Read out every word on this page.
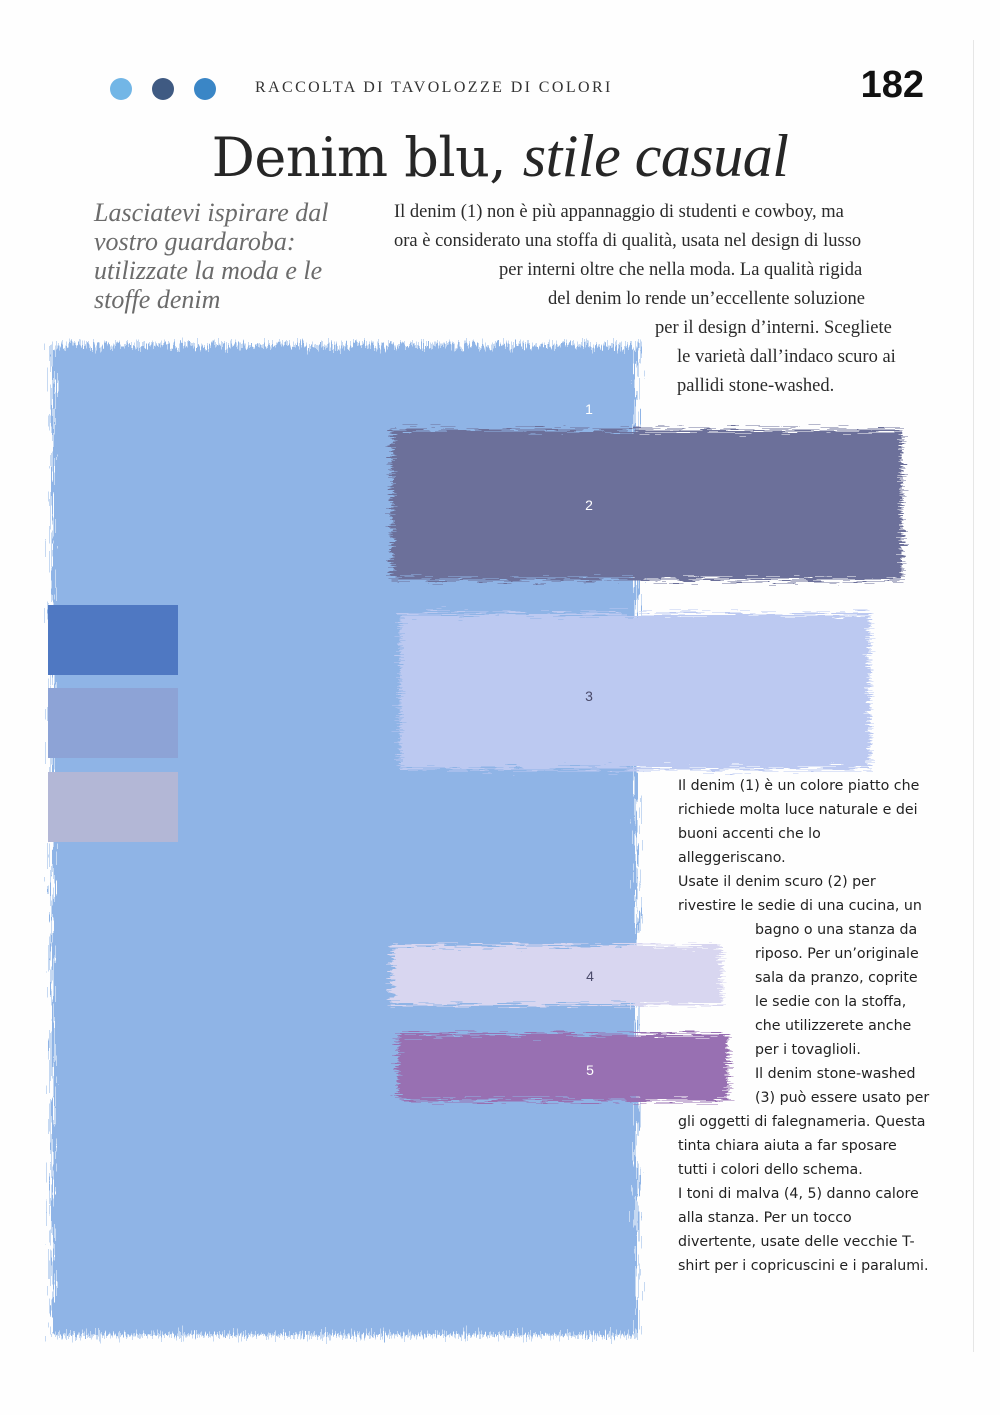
RACCOLTA DI TAVOLOZZE DI COLORI	182
Denim blu, stile casual
Lasciatevi ispirare dal
vostro guardaroba:
utilizzate la moda e le
stoffe denim
1
2
3
4
5
Il denim (1) non è più appannaggio di studenti e cowboy, ma
ora è considerato una stoffa di qualità, usata nel design di lusso
per interni oltre che nella moda. La qualità rigida
del denim lo rende un’eccellente soluzione
per il design d’interni. Scegliete
le varietà dall’indaco scuro ai
pallidi stone-washed.
Il denim (1) è un colore piatto che
richiede molta luce naturale e dei
buoni accenti che lo
alleggeriscano.
Usate il denim scuro (2) per
rivestire le sedie di una cucina, un
bagno o una stanza da
riposo. Per un’originale
sala da pranzo, coprite
le sedie con la stoffa,
che utilizzerete anche
per i tovaglioli.
Il denim stone-washed
(3) può essere usato per
gli oggetti di falegnameria. Questa
tinta chiara aiuta a far sposare
tutti i colori dello schema.
I toni di malva (4, 5) danno calore
alla stanza. Per un tocco
divertente, usate delle vecchie T-
shirt per i copricuscini e i paralumi.
